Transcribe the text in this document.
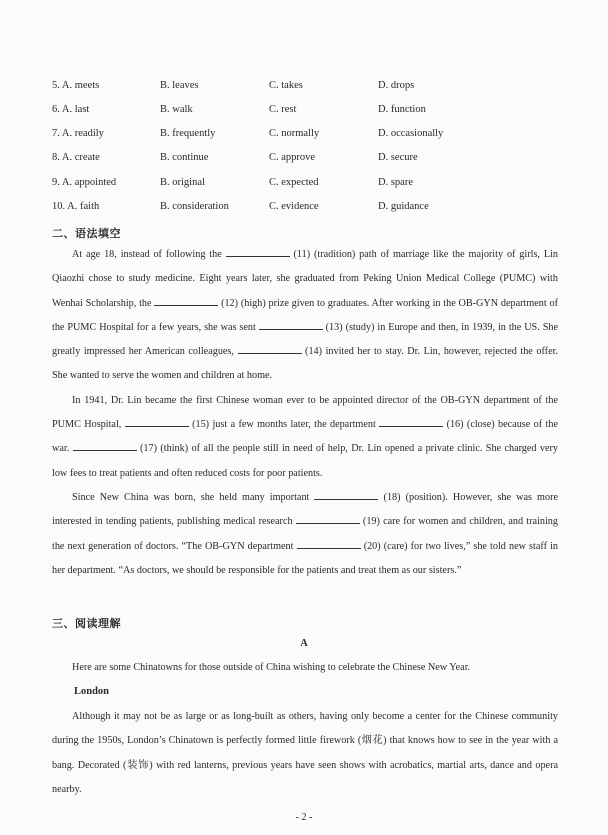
5. A. meets	B. leaves	C. takes	D. drops
6. A. last	B. walk	C. rest	D. function
7. A. readily	B. frequently	C. normally	D. occasionally
8. A. create	B. continue	C. approve	D. secure
9. A. appointed	B. original	C. expected	D. spare
10. A. faith	B. consideration	C. evidence	D. guidance
二、语法填空

At age 18, instead of following the	(11) (tradition) path of marriage like the majority of girls, Lin Qiaozhi chose to study medicine. Eight years later, she graduated from Peking Union Medical College (PUMC) with Wenhai Scholarship, the	(12) (high) prize given to graduates. After working in the OB-GYN department of the PUMC Hospital for a few years, she was sent	(13) (study) in Europe and then, in 1939, in the US. She greatly impressed her American colleagues,	(14) invited her to stay. Dr. Lin, however, rejected the offer. She wanted to serve the women and children at home.

In 1941, Dr. Lin became the first Chinese woman ever to be appointed director of the OB-GYN department of the PUMC Hospital,	(15) just a few months later, the department	(16) (close) because of the war.	(17) (think) of all the people still in need of help, Dr. Lin opened a private clinic. She charged very low fees to treat patients and often reduced costs for poor patients.

Since New China was born, she held many important	(18) (position). However, she was more interested in tending patients, publishing medical research	(19) care for women and children, and training the next generation of doctors. “The OB-GYN department	(20) (care) for two lives,” she told new staff in her department. “As doctors, we should be responsible for the patients and treat them as our sisters.”

三、阅读理解
A

Here are some Chinatowns for those outside of China wishing to celebrate the Chinese New Year.

London

Although it may not be as large or as long-built as others, having only become a center for the Chinese community during the 1950s, London’s Chinatown is perfectly formed little firework (烟花) that knows how to see in the year with a bang. Decorated (装饰) with red lanterns, previous years have seen shows with acrobatics, martial arts, dance and opera nearby.

- 2 -
